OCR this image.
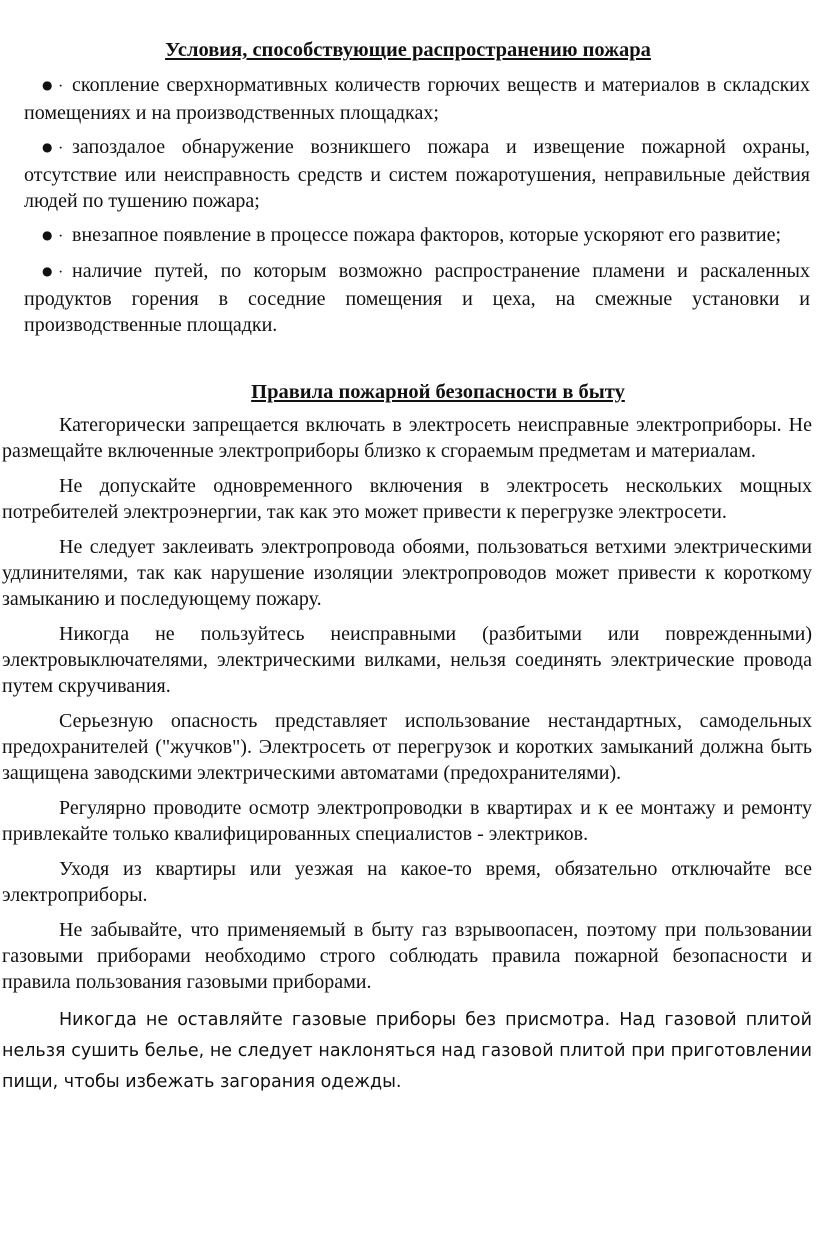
Условия, способствующие распространению пожара
● · скопление сверхнормативных количеств горючих веществ и материалов в складских помещениях и на производственных площадках;
● · запоздалое обнаружение возникшего пожара и извещение пожарной охраны, отсутствие или неисправность средств и систем пожаротушения, неправильные действия людей по тушению пожара;
● · внезапное появление в процессе пожара факторов, которые ускоряют его развитие;
● · наличие путей, по которым возможно распространение пламени и раскаленных продуктов горения в соседние помещения и цеха, на смежные установки и производственные площадки.
Правила пожарной безопасности в быту

Категорически запрещается включать в электросеть неисправные электроприборы. Не размещайте включенные электроприборы близко к сгораемым предметам и материалам.

Не допускайте одновременного включения в электросеть нескольких мощных потребителей электроэнергии, так как это может привести к перегрузке электросети.

Не следует заклеивать электропровода обоями, пользоваться ветхими электрическими удлинителями, так как нарушение изоляции электропроводов может привести к короткому замыканию и последующему пожару.

Никогда не пользуйтесь неисправными (разбитыми или поврежденными) электровыключателями, электрическими вилками, нельзя соединять электрические провода путем скручивания.

Серьезную опасность представляет использование нестандартных, самодельных предохранителей ("жучков"). Электросеть от перегрузок и коротких замыканий должна быть защищена заводскими электрическими автоматами (предохранителями).

Регулярно проводите осмотр электропроводки в квартирах и к ее монтажу и ремонту привлекайте только квалифицированных специалистов - электриков.

Уходя из квартиры или уезжая на какое-то время, обязательно отключайте все электроприборы.

Не забывайте, что применяемый в быту газ взрывоопасен, поэтому при пользовании газовыми приборами необходимо строго соблюдать правила пожарной безопасности и правила пользования газовыми приборами.

Никогда не оставляйте газовые приборы без присмотра. Над газовой плитой нельзя сушить белье, не следует наклоняться над газовой плитой при приготовлении пищи, чтобы избежать загорания одежды.
